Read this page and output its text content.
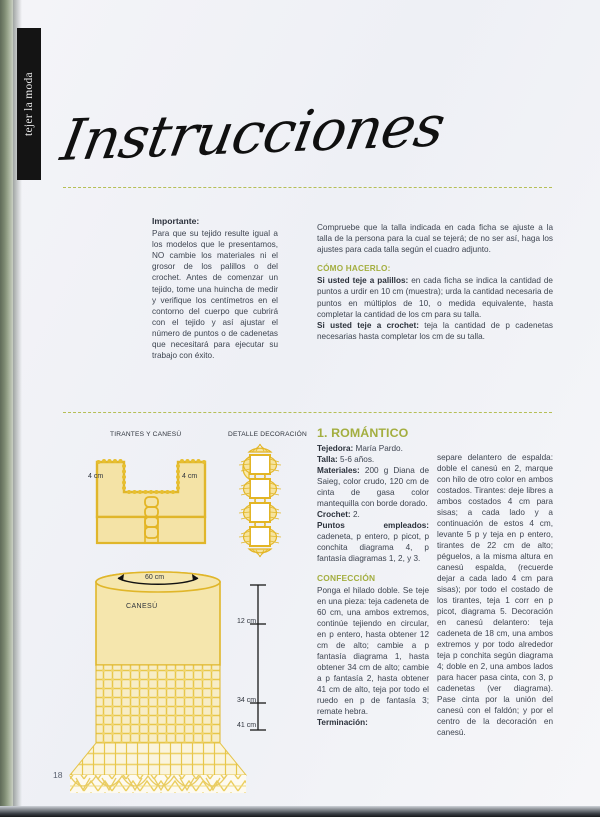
tejer la moda Instrucciones
Importante:

Para que su tejido resulte igual a los modelos que le presentamos, NO cambie los materiales ni el grosor de los palillos o del crochet. Antes de comenzar un tejido, tome una huincha de medir y verifique los centímetros en el contorno del cuerpo que cubrirá con el tejido y así ajustar el número de puntos o de cadenetas que necesitará para ejecutar su trabajo con éxito.

Compruebe que la talla indicada en cada ficha se ajuste a la talla de la persona para la cual se tejerá; de no ser así, haga los ajustes para cada talla según el cuadro adjunto.

CÓMO HACERLO:

Si usted teje a palillos: en cada ficha se indica la cantidad de puntos a urdir en 10 cm (muestra); urda la cantidad necesaria de puntos en múltiplos de 10, o medida equivalente, hasta completar la cantidad de los cm para su talla.

Si usted teje a crochet: teja la cantidad de p cadenetas necesarias hasta completar los cm de su talla.

TIRANTES Y CANESÚ	DETALLE DECORACIÓN
4 cm	4 cm
60 cm
12 cm
34 cm
41 cm
CANESÚ
1. ROMÁNTICO

Tejedora: María Pardo.

Talla: 5-6 años.

Materiales: 200 g Diana de Saieg, color crudo, 120 cm de cinta de gasa color mantequilla con borde dorado.

Crochet: 2.

Puntos empleados: cadeneta, p entero, p picot, p conchita diagrama 4, p fantasía diagramas 1, 2, y 3.

CONFECCIÓN

Ponga el hilado doble. Se teje en una pieza: teja cadeneta de 60 cm, una ambos extremos, continúe tejiendo en circular, en p entero, hasta obtener 12 cm de alto; cambie a p fantasía diagrama 1, hasta obtener 34 cm de alto; cambie a p fantasía 2, hasta obtener 41 cm de alto, teja por todo el ruedo en p de fantasía 3; remate hebra.

Terminación:

separe delantero de espalda: doble el canesú en 2, marque con hilo de otro color en ambos costados. Tirantes: deje libres a ambos costados 4 cm para sisas; a cada lado y a continuación de estos 4 cm, levante 5 p y teja en p entero, tirantes de 22 cm de alto; péguelos, a la misma altura en canesú espalda, (recuerde dejar a cada lado 4 cm para sisas); por todo el costado de los tirantes, teja 1 corr en p picot, diagrama 5. Decoración en canesú delantero: teja cadeneta de 18 cm, una ambos extremos y por todo alrededor teja p conchita según diagrama 4; doble en 2, una ambos lados para hacer pasa cinta, con 3, p cadenetas (ver diagrama). Pase cinta por la unión del canesú con el faldón; y por el centro de la decoración en canesú.

18
